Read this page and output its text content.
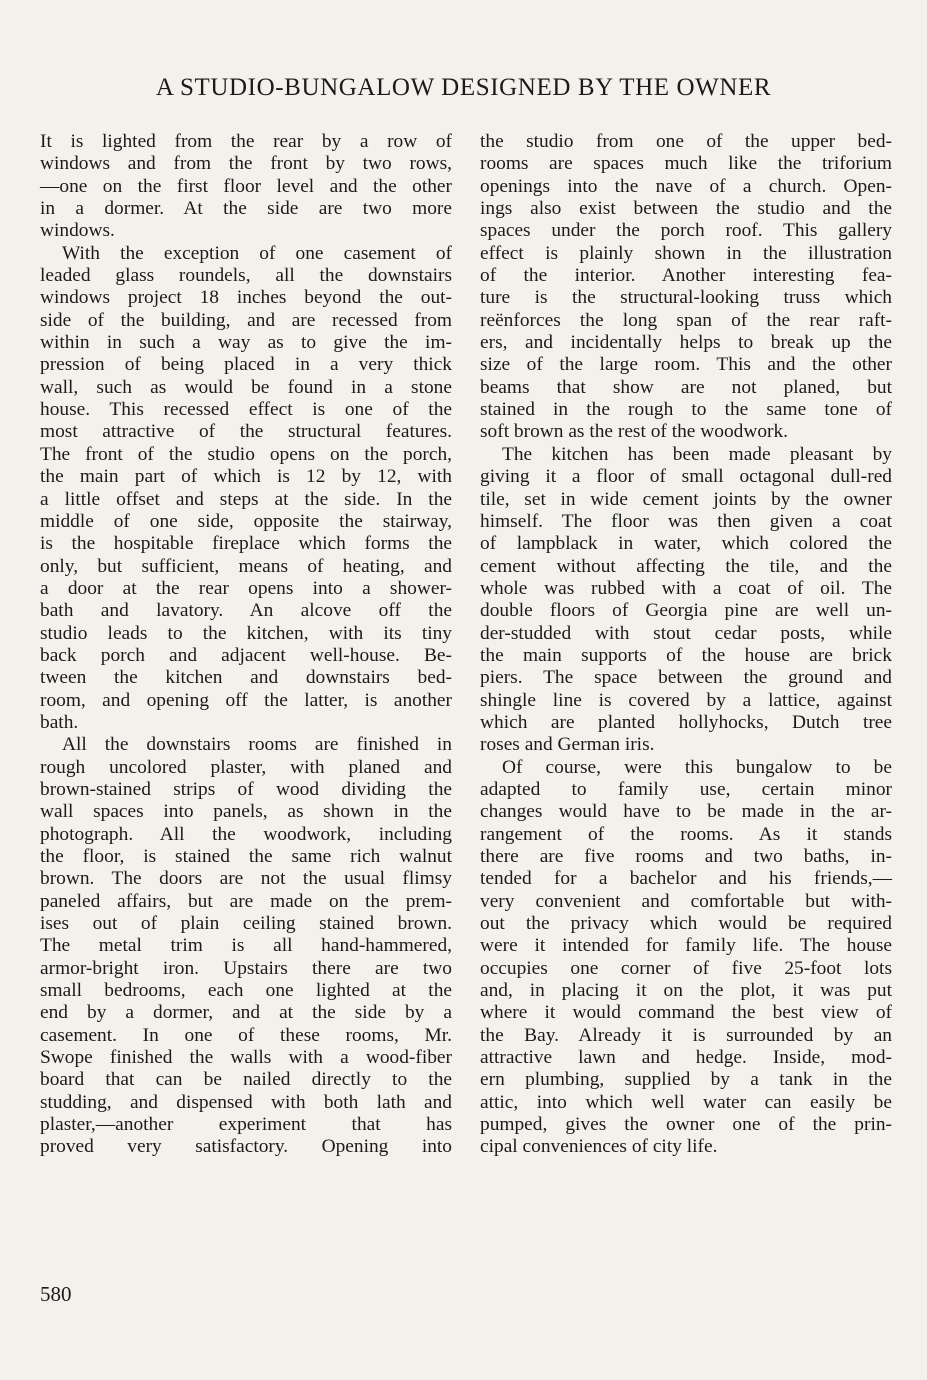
A STUDIO-BUNGALOW DESIGNED BY THE OWNER
It is lighted from the rear by a row of
windows and from the front by two rows,
—one on the first floor level and the other
in a dormer. At the side are two more
windows.
With the exception of one casement of
leaded glass roundels, all the downstairs
windows project 18 inches beyond the out-
side of the building, and are recessed from
within in such a way as to give the im-
pression of being placed in a very thick
wall, such as would be found in a stone
house. This recessed effect is one of the
most attractive of the structural features.
The front of the studio opens on the porch,
the main part of which is 12 by 12, with
a little offset and steps at the side. In the
middle of one side, opposite the stairway,
is the hospitable fireplace which forms the
only, but sufficient, means of heating, and
a door at the rear opens into a shower-
bath and lavatory. An alcove off the
studio leads to the kitchen, with its tiny
back porch and adjacent well-house. Be-
tween the kitchen and downstairs bed-
room, and opening off the latter, is another
bath.
All the downstairs rooms are finished in
rough uncolored plaster, with planed and
brown-stained strips of wood dividing the
wall spaces into panels, as shown in the
photograph. All the woodwork, including
the floor, is stained the same rich walnut
brown. The doors are not the usual flimsy
paneled affairs, but are made on the prem-
ises out of plain ceiling stained brown.
The metal trim is all hand-hammered,
armor-bright iron. Upstairs there are two
small bedrooms, each one lighted at the
end by a dormer, and at the side by a
casement. In one of these rooms, Mr.
Swope finished the walls with a wood-fiber
board that can be nailed directly to the
studding, and dispensed with both lath and
plaster,—another experiment that has
proved very satisfactory. Opening into
the studio from one of the upper bed-
rooms are spaces much like the triforium
openings into the nave of a church. Open-
ings also exist between the studio and the
spaces under the porch roof. This gallery
effect is plainly shown in the illustration
of the interior. Another interesting fea-
ture is the structural-looking truss which
reënforces the long span of the rear raft-
ers, and incidentally helps to break up the
size of the large room. This and the other
beams that show are not planed, but
stained in the rough to the same tone of
soft brown as the rest of the woodwork.
The kitchen has been made pleasant by
giving it a floor of small octagonal dull-red
tile, set in wide cement joints by the owner
himself. The floor was then given a coat
of lampblack in water, which colored the
cement without affecting the tile, and the
whole was rubbed with a coat of oil. The
double floors of Georgia pine are well un-
der-studded with stout cedar posts, while
the main supports of the house are brick
piers. The space between the ground and
shingle line is covered by a lattice, against
which are planted hollyhocks, Dutch tree
roses and German iris.
Of course, were this bungalow to be
adapted to family use, certain minor
changes would have to be made in the ar-
rangement of the rooms. As it stands
there are five rooms and two baths, in-
tended for a bachelor and his friends,—
very convenient and comfortable but with-
out the privacy which would be required
were it intended for family life. The house
occupies one corner of five 25-foot lots
and, in placing it on the plot, it was put
where it would command the best view of
the Bay. Already it is surrounded by an
attractive lawn and hedge. Inside, mod-
ern plumbing, supplied by a tank in the
attic, into which well water can easily be
pumped, gives the owner one of the prin-
cipal conveniences of city life.
580
